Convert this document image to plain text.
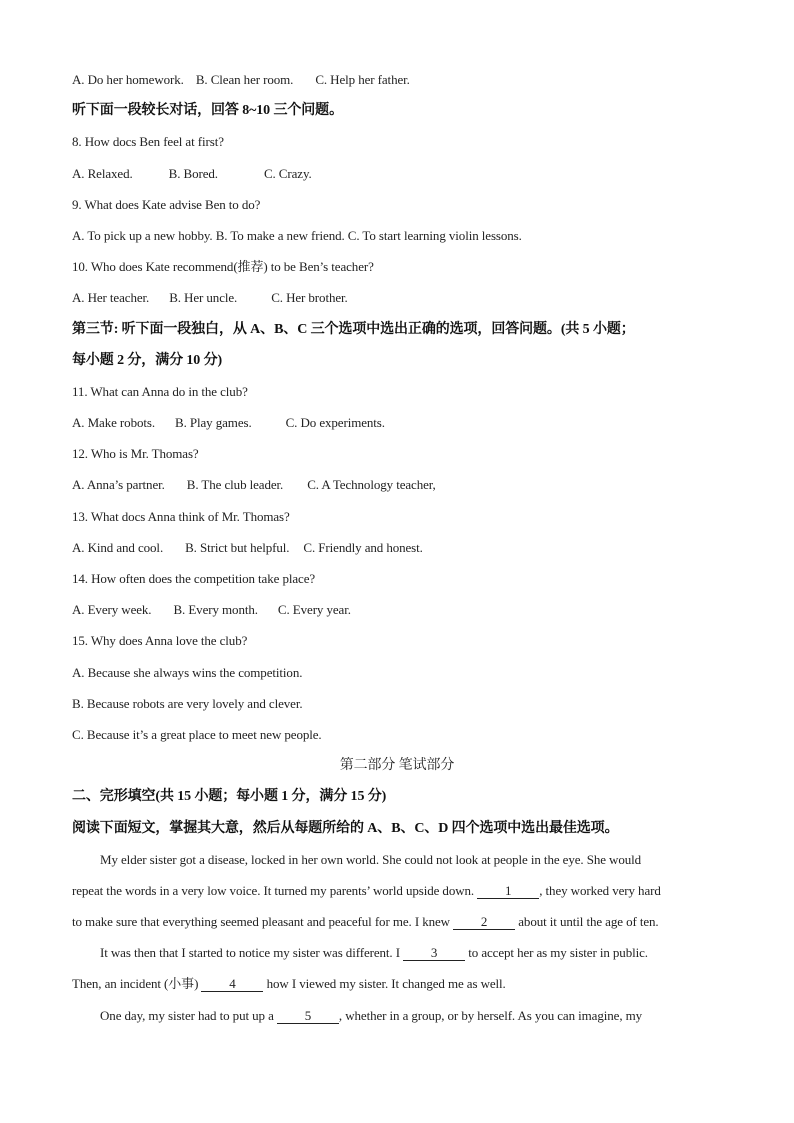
A. Do her homework. B. Clean her room. C. Help her father.
听下面一段较长对话，回答 8~10 三个问题。
8. How docs Ben feel at first?
A. Relaxed.	B. Bored.	C. Crazy.
9. What does Kate advise Ben to do?
A. To pick up a new hobby. B. To make a new friend. C. To start learning violin lessons.
10. Who does Kate recommend(推荐) to be Ben’s teacher?
A. Her teacher. B. Her uncle.	C. Her brother.
第三节: 听下面一段独白，从 A、B、C 三个选项中选出正确的选项，回答问题。(共 5 小题；
每小题 2 分，满分 10 分)
11. What can Anna do in the club?
A. Make robots. B. Play games.	C. Do experiments.
12. Who is Mr. Thomas?
A. Anna’s partner. B. The club leader. C. A Technology teacher,
13. What docs Anna think of Mr. Thomas?
A. Kind and cool. B. Strict but helpful. C. Friendly and honest.
14. How often does the competition take place?
A. Every week. B. Every month. C. Every year.
15. Why does Anna love the club?
A. Because she always wins the competition.
B. Because robots are very lovely and clever.
C. Because it’s a great place to meet new people.
第二部分 笔试部分
二、完形填空(共 15 小题；每小题 1 分，满分 15 分)
阅读下面短文，掌握其大意，然后从每题所给的 A、B、C、D 四个选项中选出最佳选项。
My elder sister got a disease, locked in her own world. She could not look at people in the eye. She would
repeat the words in a very low voice. It turned my parents’ world upside down. 1 , they worked very hard
to make sure that everything seemed pleasant and peaceful for me. I knew 2 about it until the age of ten.
It was then that I started to notice my sister was different. I 3 to accept her as my sister in public.
Then, an incident (小事) 4 how I viewed my sister. It changed me as well.
One day, my sister had to put up a 5 , whether in a group, or by herself. As you can imagine, my
